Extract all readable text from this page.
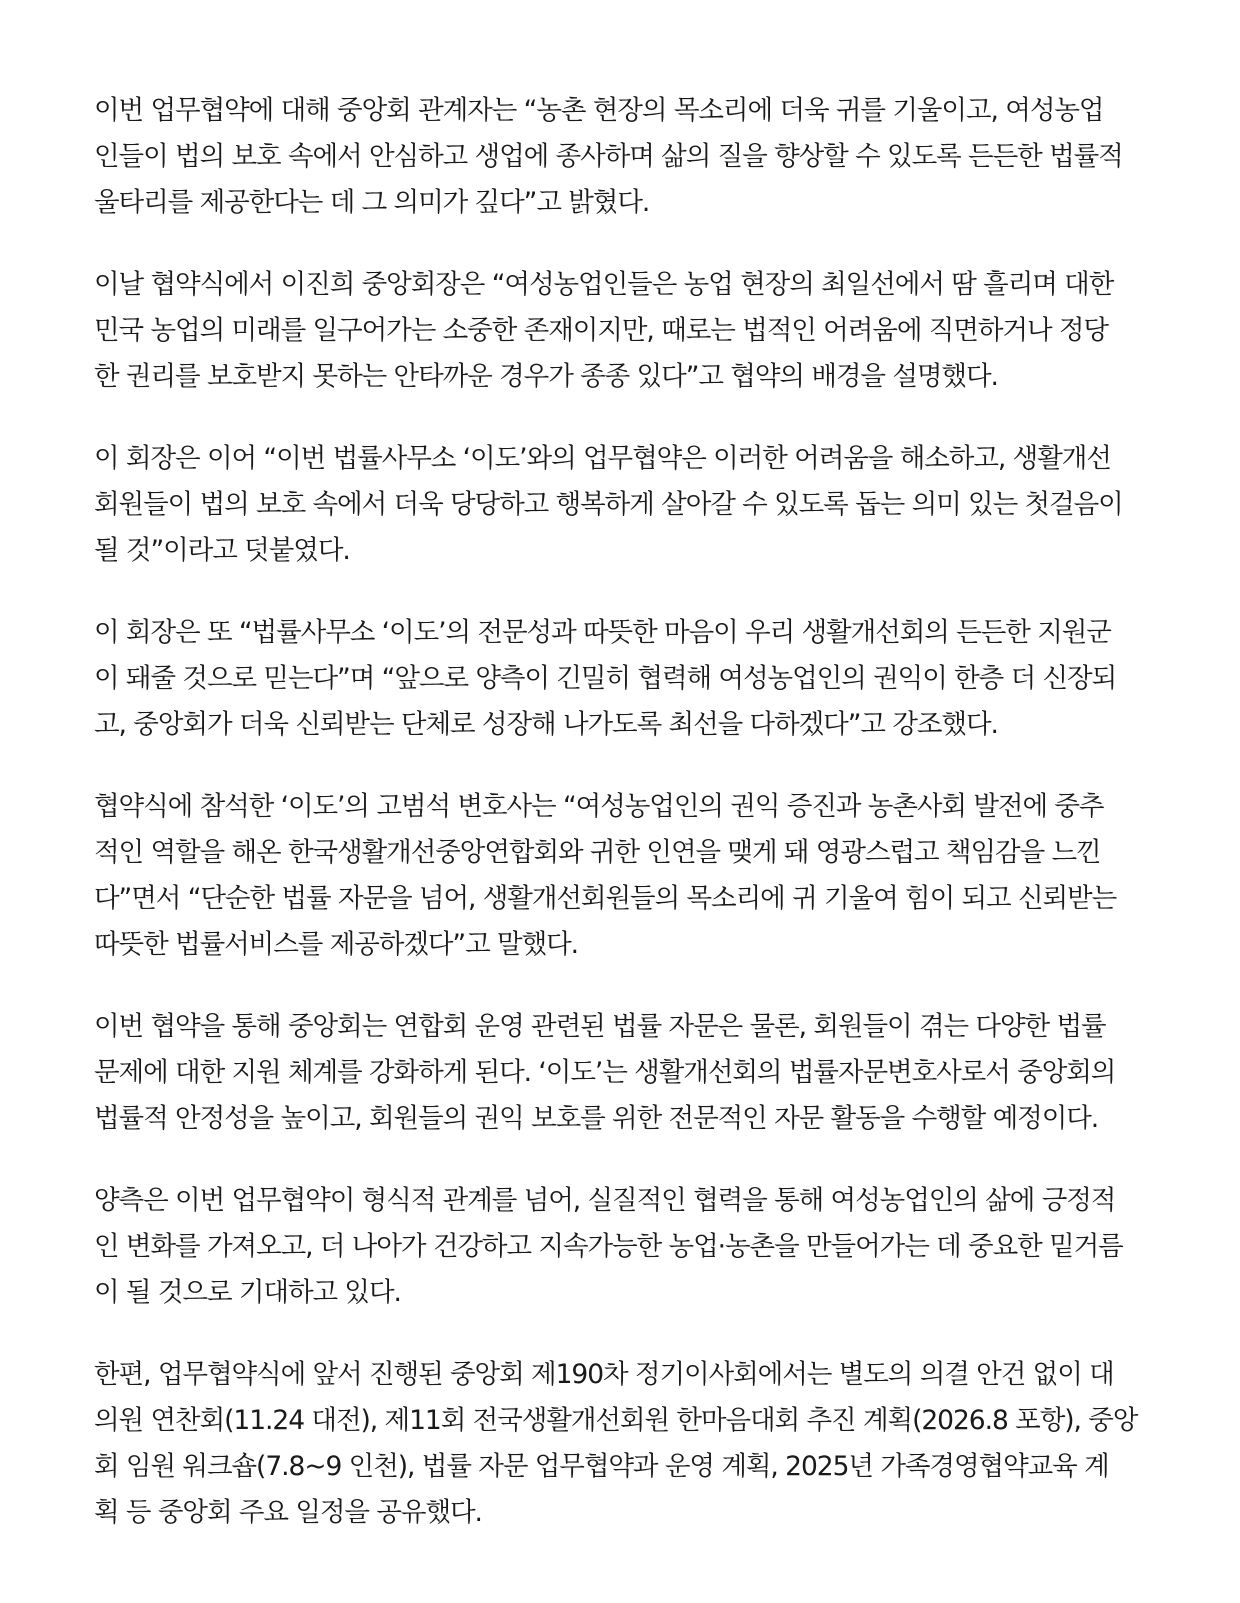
이번 업무협약에 대해 중앙회 관계자는 “농촌 현장의 목소리에 더욱 귀를 기울이고, 여성농업
인들이 법의 보호 속에서 안심하고 생업에 종사하며 삶의 질을 향상할 수 있도록 든든한 법률적
울타리를 제공한다는 데 그 의미가 깊다”고 밝혔다.

이날 협약식에서 이진희 중앙회장은 “여성농업인들은 농업 현장의 최일선에서 땀 흘리며 대한
민국 농업의 미래를 일구어가는 소중한 존재이지만, 때로는 법적인 어려움에 직면하거나 정당
한 권리를 보호받지 못하는 안타까운 경우가 종종 있다”고 협약의 배경을 설명했다.

이 회장은 이어 “이번 법률사무소 ‘이도’와의 업무협약은 이러한 어려움을 해소하고, 생활개선
회원들이 법의 보호 속에서 더욱 당당하고 행복하게 살아갈 수 있도록 돕는 의미 있는 첫걸음이
될 것”이라고 덧붙였다.

이 회장은 또 “법률사무소 ‘이도’의 전문성과 따뜻한 마음이 우리 생활개선회의 든든한 지원군
이 돼줄 것으로 믿는다”며 “앞으로 양측이 긴밀히 협력해 여성농업인의 권익이 한층 더 신장되
고, 중앙회가 더욱 신뢰받는 단체로 성장해 나가도록 최선을 다하겠다”고 강조했다.

협약식에 참석한 ‘이도’의 고범석 변호사는 “여성농업인의 권익 증진과 농촌사회 발전에 중추
적인 역할을 해온 한국생활개선중앙연합회와 귀한 인연을 맺게 돼 영광스럽고 책임감을 느낀
다”면서 “단순한 법률 자문을 넘어, 생활개선회원들의 목소리에 귀 기울여 힘이 되고 신뢰받는
따뜻한 법률서비스를 제공하겠다”고 말했다.

이번 협약을 통해 중앙회는 연합회 운영 관련된 법률 자문은 물론, 회원들이 겪는 다양한 법률
문제에 대한 지원 체계를 강화하게 된다. ‘이도’는 생활개선회의 법률자문변호사로서 중앙회의
법률적 안정성을 높이고, 회원들의 권익 보호를 위한 전문적인 자문 활동을 수행할 예정이다.

양측은 이번 업무협약이 형식적 관계를 넘어, 실질적인 협력을 통해 여성농업인의 삶에 긍정적
인 변화를 가져오고, 더 나아가 건강하고 지속가능한 농업·농촌을 만들어가는 데 중요한 밑거름
이 될 것으로 기대하고 있다.

한편, 업무협약식에 앞서 진행된 중앙회 제190차 정기이사회에서는 별도의 의결 안건 없이 대
의원 연찬회(11.24 대전), 제11회 전국생활개선회원 한마음대회 추진 계획(2026.8 포항), 중앙
회 임원 워크숍(7.8~9 인천), 법률 자문 업무협약과 운영 계획, 2025년 가족경영협약교육 계
획 등 중앙회 주요 일정을 공유했다.
